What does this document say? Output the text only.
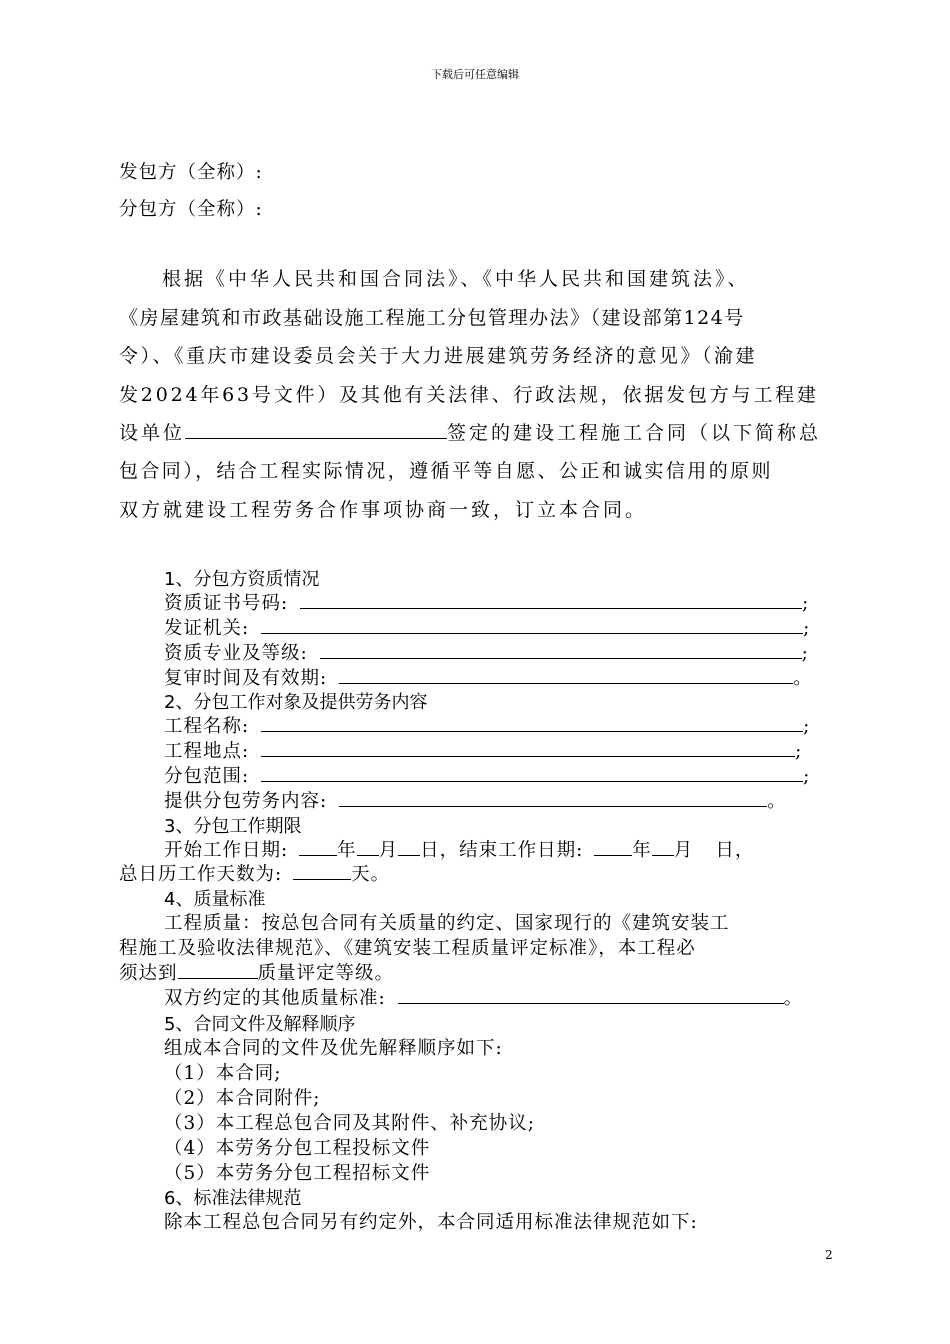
下载后可任意编辑
发包方（全称）:
分包方（全称）:
根据《中华人民共和国合同法》、《中华人民共和国建筑法》、
《房屋建筑和市政基础设施工程施工分包管理办法》（建设部第124号
令）、《重庆市建设委员会关于大力进展建筑劳务经济的意见》（渝建
发2024年63号文件）及其他有关法律、行政法规，依据发包方与工程建
设单位	签定的建设工程施工合同（以下简称总
包合同），结合工程实际情况，遵循平等自愿、公正和诚实信用的原则
双方就建设工程劳务合作事项协商一致，订立本合同。
1、分包方资质情况
资质证书号码:	;
发证机关:	;
资质专业及等级:	;
复审时间及有效期:	。
2、分包工作对象及提供劳务内容
工程名称:	;
工程地点:	;
分包范围:	;
提供分包劳务内容:	。
3、分包工作期限
开始工作日期:	年 月 日，结束工作日期:	年 月 日，
总日历工作天数为:	天。
4、质量标准
工程质量：按总包合同有关质量的约定、国家现行的《建筑安装工
程施工及验收法律规范》、《建筑安装工程质量评定标准》，本工程必
须达到	质量评定等级。
双方约定的其他质量标准:	。
5、合同文件及解释顺序
组成本合同的文件及优先解释顺序如下:
（1）本合同;
（2）本合同附件;
（3）本工程总包合同及其附件、补充协议;
（4）本劳务分包工程投标文件
（5）本劳务分包工程招标文件
6、标准法律规范
除本工程总包合同另有约定外，本合同适用标准法律规范如下:
2
